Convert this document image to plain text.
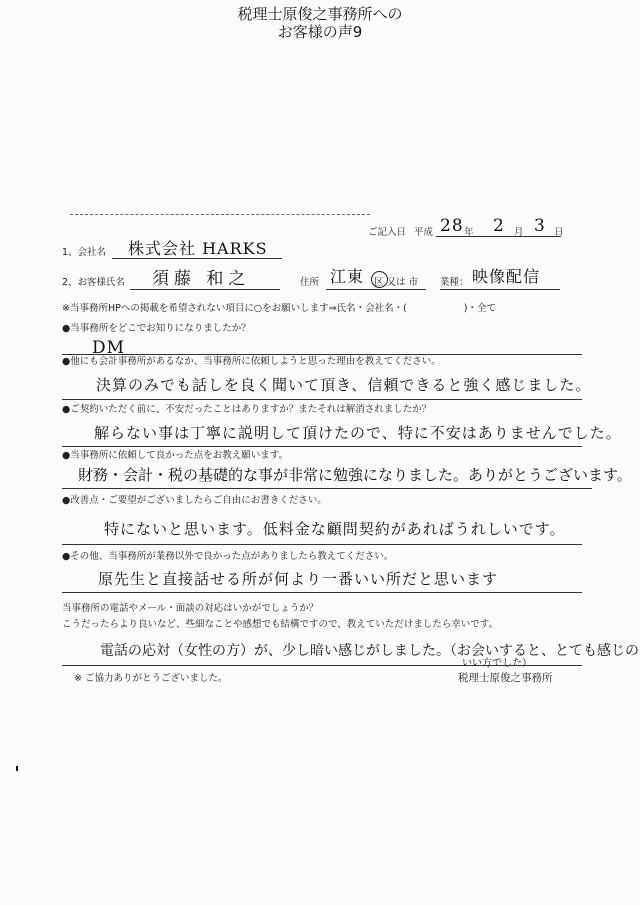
税理士原俊之事務所への
お客様の声9
ご記入日 平成 28 年 2 月 3 日
1、会社名 株式会社 HARKS
2、お客様氏名 須藤 和之	住所 江東 区 又は 市 業種： 映像配信
※当事務所HPへの掲載を希望されない項目に○をお願いします⇒氏名・会社名・(　　　　　　)・全て
●当事務所をどこでお知りになりましたか？
DM
●他にも会計事務所があるなか、当事務所に依頼しようと思った理由を教えてください。
決算のみでも話しを良く聞いて頂き、信頼できると強く感じました。
●ご契約いただく前に、不安だったことはありますか？またそれは解消されましたか？
解らない事は丁寧に説明して頂けたので、特に不安はありませんでした。
●当事務所に依頼して良かった点をお教え願います。
財務・会計・税の基礎的な事が非常に勉強になりました。ありがとうございます。
●改善点・ご要望がございましたらご自由にお書きください。
特にないと思います。低料金な顧問契約があればうれしいです。
●その他、当事務所が業務以外で良かった点がありましたら教えてください。
原先生と直接話せる所が何より一番いい所だと思います
当事務所の電話やメール・面談の対応はいかがでしょうか？
こうだったらより良いなど、些細なことや感想でも結構ですので、教えていただけましたら幸いです。
電話の応対（女性の方）が、少し暗い感じがしました。（お会いすると、とても感じの
いい方でした）
※ ご協力ありがとうございました。	税理士原俊之事務所
